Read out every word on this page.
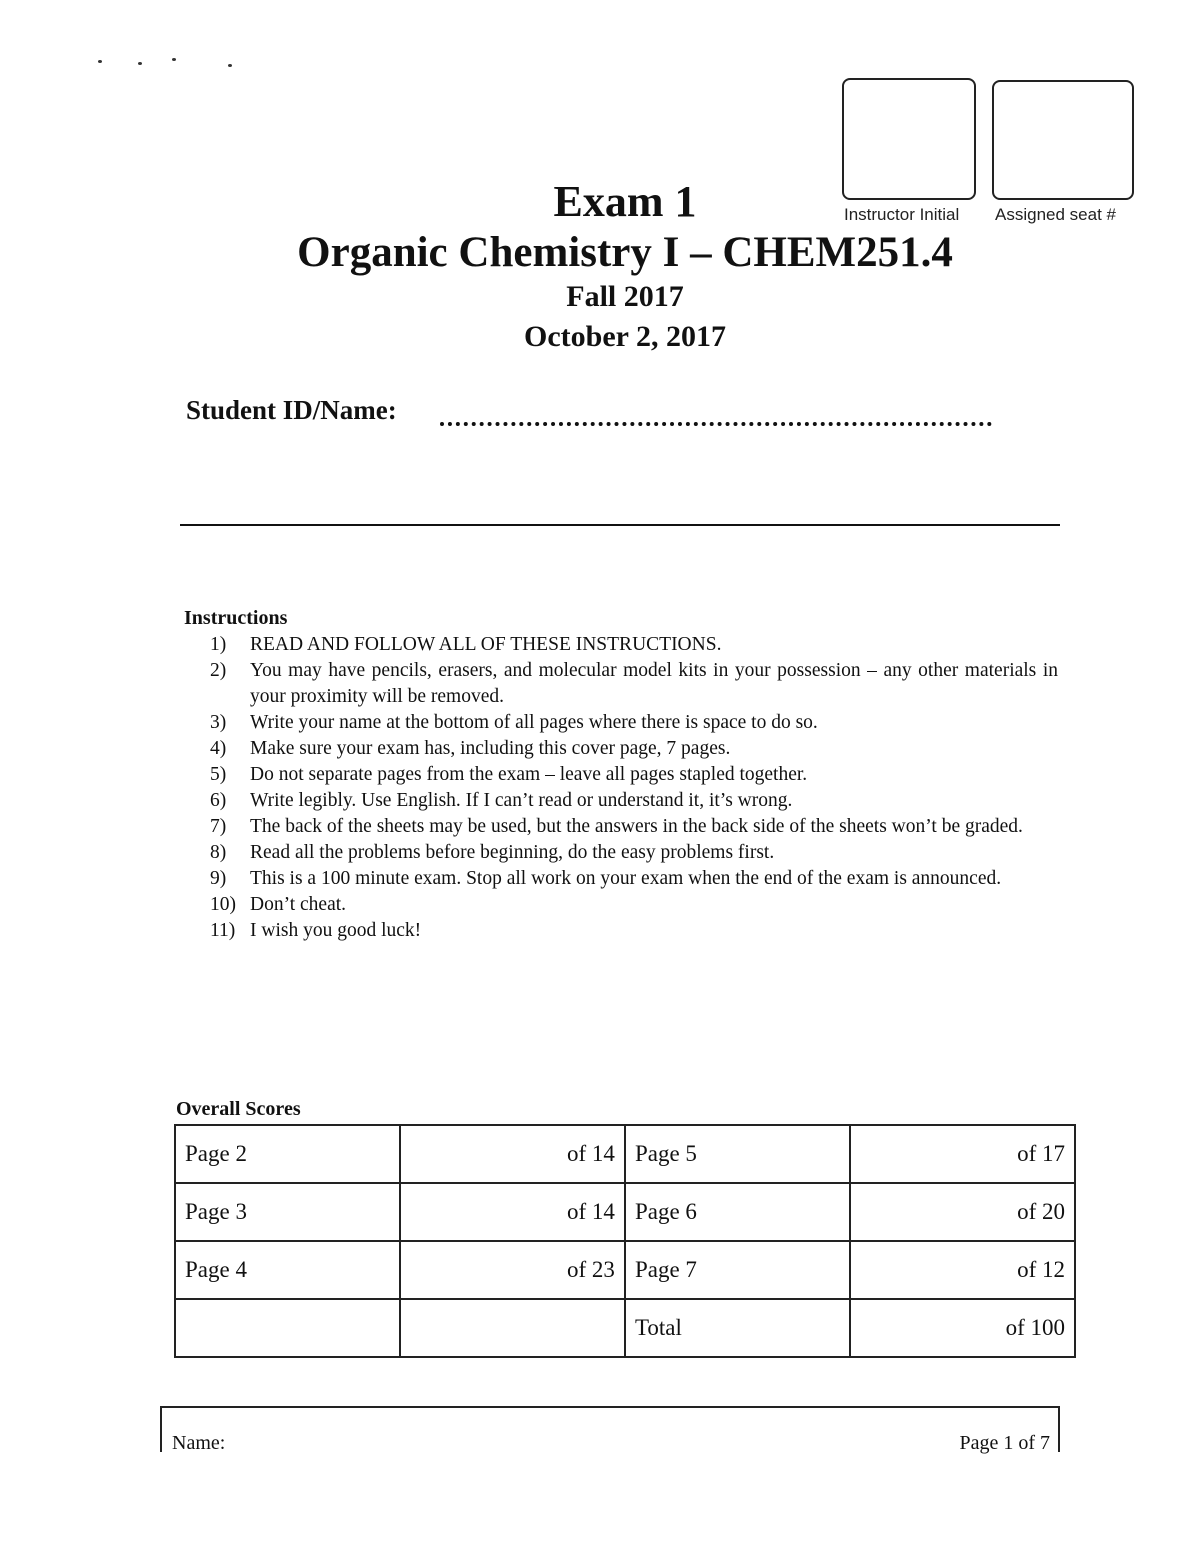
Instructor Initial Assigned seat #
Exam 1
Organic Chemistry I – CHEM251.4
Fall 2017
October 2, 2017
Student ID/Name:
Instructions
1)	READ AND FOLLOW ALL OF THESE INSTRUCTIONS.
2)	You may have pencils, erasers, and molecular model kits in your possession – any other materials in your proximity will be removed.
3)	Write your name at the bottom of all pages where there is space to do so.
4)	Make sure your exam has, including this cover page, 7 pages.
5)	Do not separate pages from the exam – leave all pages stapled together.
6)	Write legibly. Use English. If I can’t read or understand it, it’s wrong.
7)	The back of the sheets may be used, but the answers in the back side of the sheets won’t be graded.
8)	Read all the problems before beginning, do the easy problems first.
9)	This is a 100 minute exam. Stop all work on your exam when the end of the exam is announced.
10) Don’t cheat.
11) I wish you good luck!
Overall Scores
Page 2	of 14	Page 5	of 17
Page 3	of 14	Page 6	of 20
Page 4	of 23	Page 7	of 12
		Total	of 100
Name:	Page 1 of 7
